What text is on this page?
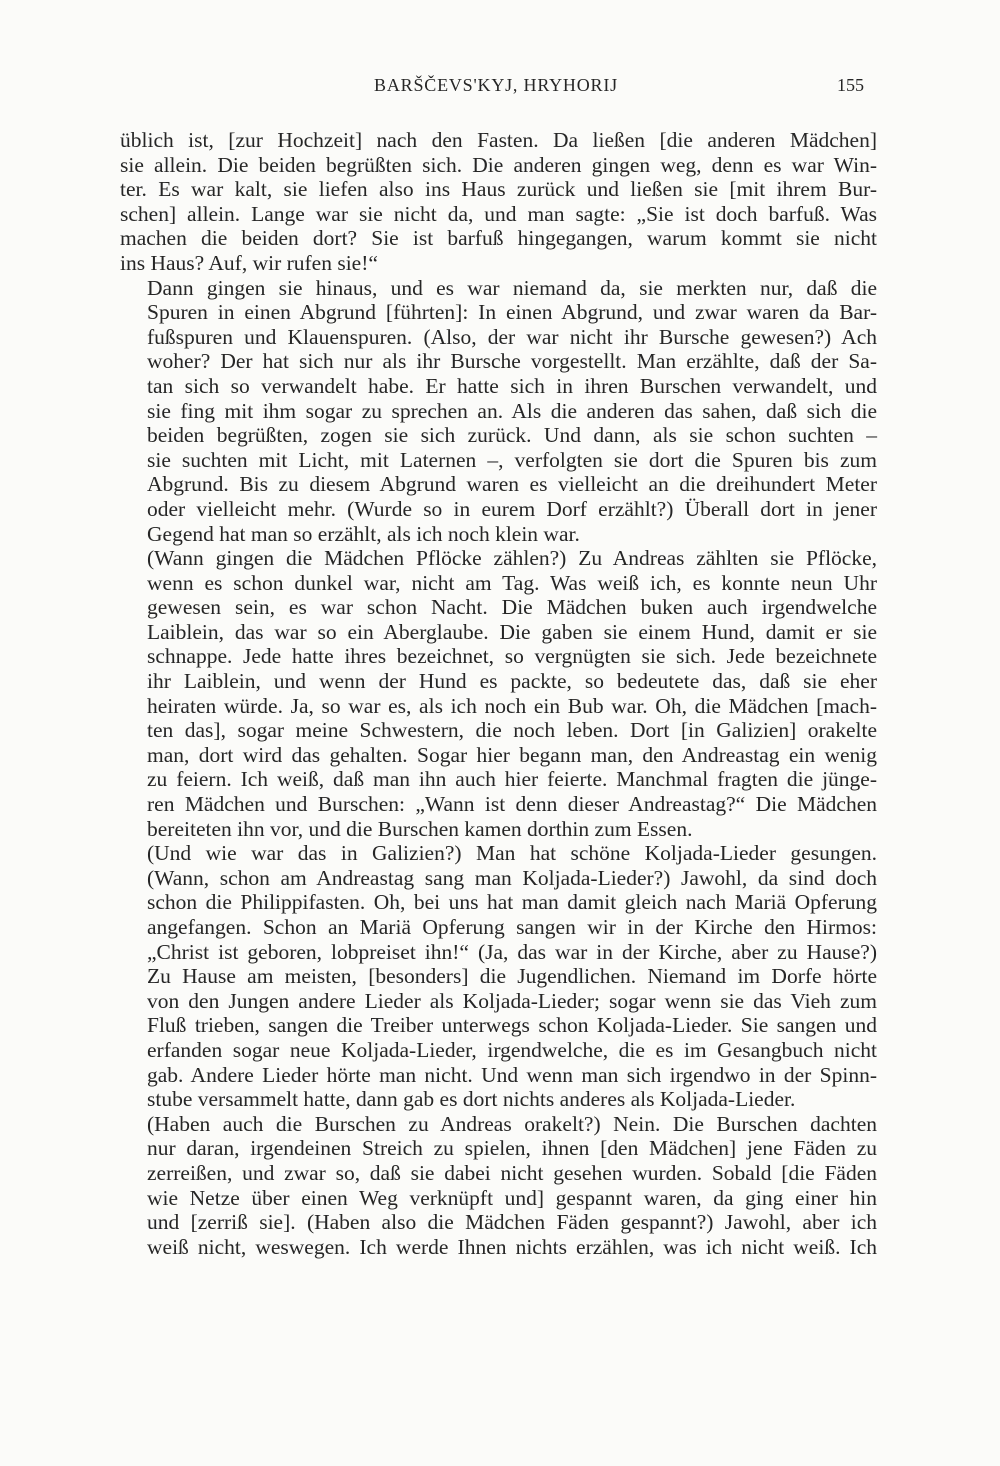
BARŠČEVS'KYJ, HRYHORIJ	155

üblich ist, [zur Hochzeit] nach den Fasten. Da ließen [die anderen Mädchen]
sie allein. Die beiden begrüßten sich. Die anderen gingen weg, denn es war Win-
ter. Es war kalt, sie liefen also ins Haus zurück und ließen sie [mit ihrem Bur-
schen] allein. Lange war sie nicht da, und man sagte: „Sie ist doch barfuß. Was
machen die beiden dort? Sie ist barfuß hingegangen, warum kommt sie nicht
ins Haus? Auf, wir rufen sie!“

Dann gingen sie hinaus, und es war niemand da, sie merkten nur, daß die
Spuren in einen Abgrund [führten]: In einen Abgrund, und zwar waren da Bar-
fußspuren und Klauenspuren. (Also, der war nicht ihr Bursche gewesen?) Ach
woher? Der hat sich nur als ihr Bursche vorgestellt. Man erzählte, daß der Sa-
tan sich so verwandelt habe. Er hatte sich in ihren Burschen verwandelt, und
sie fing mit ihm sogar zu sprechen an. Als die anderen das sahen, daß sich die
beiden begrüßten, zogen sie sich zurück. Und dann, als sie schon suchten –
sie suchten mit Licht, mit Laternen –, verfolgten sie dort die Spuren bis zum
Abgrund. Bis zu diesem Abgrund waren es vielleicht an die dreihundert Meter
oder vielleicht mehr. (Wurde so in eurem Dorf erzählt?) Überall dort in jener
Gegend hat man so erzählt, als ich noch klein war.

(Wann gingen die Mädchen Pflöcke zählen?) Zu Andreas zählten sie Pflöcke,
wenn es schon dunkel war, nicht am Tag. Was weiß ich, es konnte neun Uhr
gewesen sein, es war schon Nacht. Die Mädchen buken auch irgendwelche
Laiblein, das war so ein Aberglaube. Die gaben sie einem Hund, damit er sie
schnappe. Jede hatte ihres bezeichnet, so vergnügten sie sich. Jede bezeichnete
ihr Laiblein, und wenn der Hund es packte, so bedeutete das, daß sie eher
heiraten würde. Ja, so war es, als ich noch ein Bub war. Oh, die Mädchen [mach-
ten das], sogar meine Schwestern, die noch leben. Dort [in Galizien] orakelte
man, dort wird das gehalten. Sogar hier begann man, den Andreastag ein wenig
zu feiern. Ich weiß, daß man ihn auch hier feierte. Manchmal fragten die jünge-
ren Mädchen und Burschen: „Wann ist denn dieser Andreastag?“ Die Mädchen
bereiteten ihn vor, und die Burschen kamen dorthin zum Essen.

(Und wie war das in Galizien?) Man hat schöne Koljada-Lieder gesungen.
(Wann, schon am Andreastag sang man Koljada-Lieder?) Jawohl, da sind doch
schon die Philippifasten. Oh, bei uns hat man damit gleich nach Mariä Opferung
angefangen. Schon an Mariä Opferung sangen wir in der Kirche den Hirmos:
„Christ ist geboren, lobpreiset ihn!“ (Ja, das war in der Kirche, aber zu Hause?)
Zu Hause am meisten, [besonders] die Jugendlichen. Niemand im Dorfe hörte
von den Jungen andere Lieder als Koljada-Lieder; sogar wenn sie das Vieh zum
Fluß trieben, sangen die Treiber unterwegs schon Koljada-Lieder. Sie sangen und
erfanden sogar neue Koljada-Lieder, irgendwelche, die es im Gesangbuch nicht
gab. Andere Lieder hörte man nicht. Und wenn man sich irgendwo in der Spinn-
stube versammelt hatte, dann gab es dort nichts anderes als Koljada-Lieder.

(Haben auch die Burschen zu Andreas orakelt?) Nein. Die Burschen dachten
nur daran, irgendeinen Streich zu spielen, ihnen [den Mädchen] jene Fäden zu
zerreißen, und zwar so, daß sie dabei nicht gesehen wurden. Sobald [die Fäden
wie Netze über einen Weg verknüpft und] gespannt waren, da ging einer hin
und [zerriß sie]. (Haben also die Mädchen Fäden gespannt?) Jawohl, aber ich
weiß nicht, weswegen. Ich werde Ihnen nichts erzählen, was ich nicht weiß. Ich
